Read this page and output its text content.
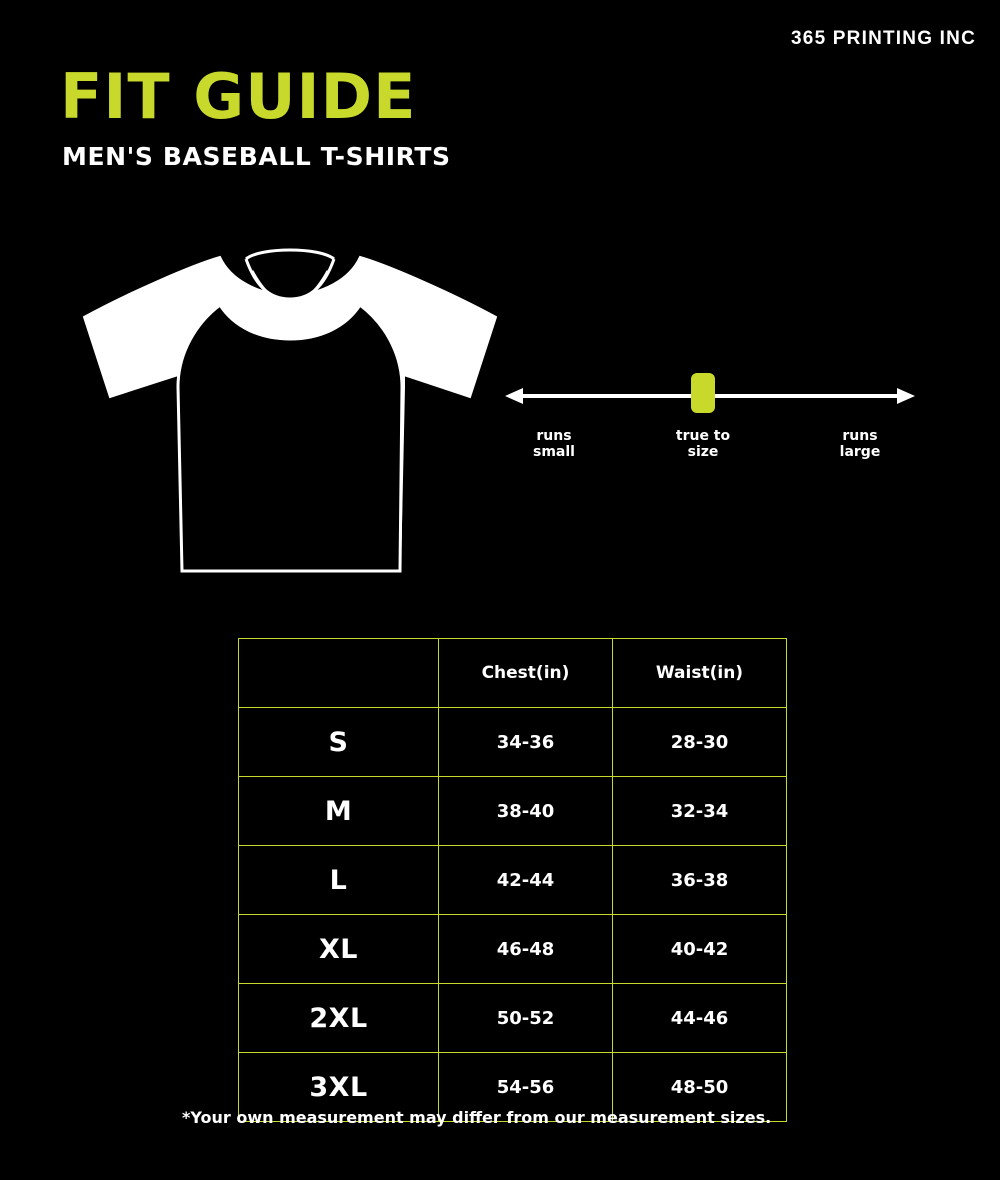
365 PRINTING INC
FIT GUIDE
MEN'S BASEBALL T-SHIRTS
runs
small
true to
size
runs
large
	Chest(in)	Waist(in)
S	34-36	28-30
M	38-40	32-34
L	42-44	36-38
XL	46-48	40-42
2XL	50-52	44-46
3XL	54-56	48-50
*Your own measurement may differ from our measurement sizes.
